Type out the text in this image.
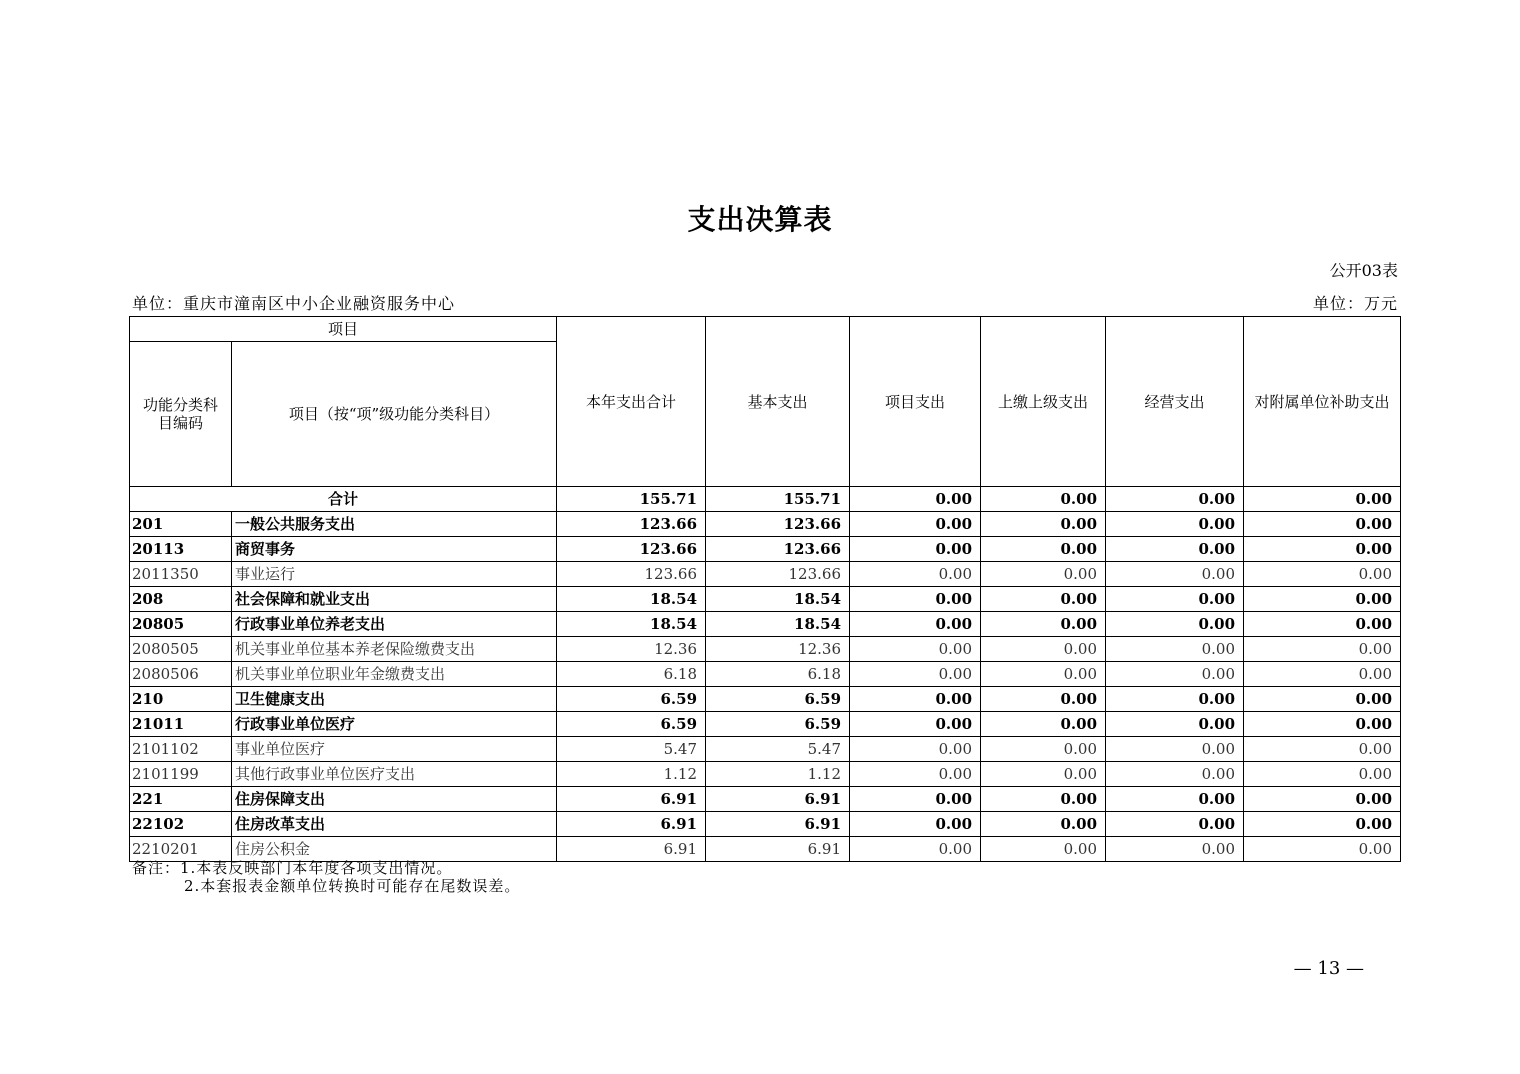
支出决算表
公开03表
单位：重庆市潼南区中小企业融资服务中心	单位：万元
项目		本年支出合计	基本支出	项目支出	上缴上级支出	经营支出	对附属单位补助支出
功能分类科目编码	项目（按“项”级功能分类科目）						
合计		155.71	155.71	0.00	0.00	0.00	0.00
201	一般公共服务支出	123.66	123.66	0.00	0.00	0.00	0.00
20113	商贸事务	123.66	123.66	0.00	0.00	0.00	0.00
2011350	事业运行	123.66	123.66	0.00	0.00	0.00	0.00
208	社会保障和就业支出	18.54	18.54	0.00	0.00	0.00	0.00
20805	行政事业单位养老支出	18.54	18.54	0.00	0.00	0.00	0.00
2080505	机关事业单位基本养老保险缴费支出	12.36	12.36	0.00	0.00	0.00	0.00
2080506	机关事业单位职业年金缴费支出	6.18	6.18	0.00	0.00	0.00	0.00
210	卫生健康支出	6.59	6.59	0.00	0.00	0.00	0.00
21011	行政事业单位医疗	6.59	6.59	0.00	0.00	0.00	0.00
2101102	事业单位医疗	5.47	5.47	0.00	0.00	0.00	0.00
2101199	其他行政事业单位医疗支出	1.12	1.12	0.00	0.00	0.00	0.00
221	住房保障支出	6.91	6.91	0.00	0.00	0.00	0.00
22102	住房改革支出	6.91	6.91	0.00	0.00	0.00	0.00
2210201	住房公积金	6.91	6.91	0.00	0.00	0.00	0.00
备注：1.本表反映部门本年度各项支出情况。
2.本套报表金额单位转换时可能存在尾数误差。
— 13 —
